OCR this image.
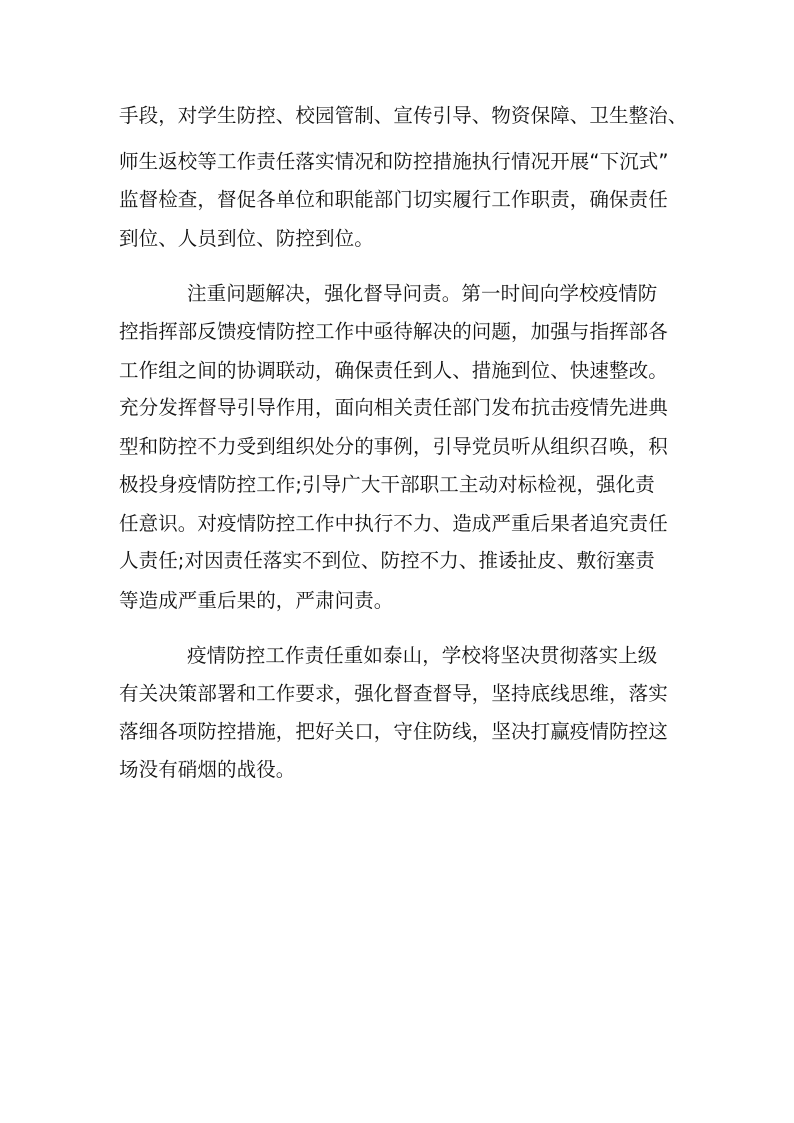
手段，对学生防控、校园管制、宣传引导、物资保障、卫生整治、
师生返校等工作责任落实情况和防控措施执行情况开展“下沉式”
监督检查，督促各单位和职能部门切实履行工作职责，确保责任
到位、人员到位、防控到位。
注重问题解决，强化督导问责。第一时间向学校疫情防
控指挥部反馈疫情防控工作中亟待解决的问题，加强与指挥部各
工作组之间的协调联动，确保责任到人、措施到位、快速整改。
充分发挥督导引导作用，面向相关责任部门发布抗击疫情先进典
型和防控不力受到组织处分的事例，引导党员听从组织召唤，积
极投身疫情防控工作;引导广大干部职工主动对标检视，强化责
任意识。对疫情防控工作中执行不力、造成严重后果者追究责任
人责任;对因责任落实不到位、防控不力、推诿扯皮、敷衍塞责
等造成严重后果的，严肃问责。
疫情防控工作责任重如泰山，学校将坚决贯彻落实上级
有关决策部署和工作要求，强化督查督导，坚持底线思维，落实
落细各项防控措施，把好关口，守住防线，坚决打赢疫情防控这
场没有硝烟的战役。
